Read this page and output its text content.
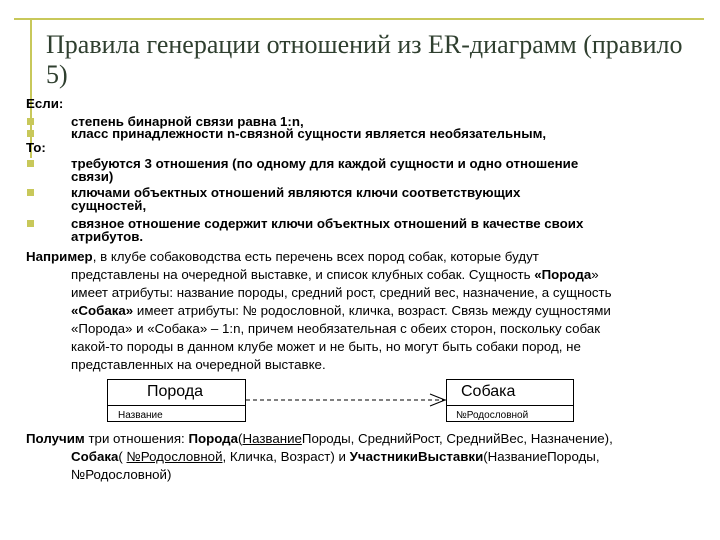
Правила генерации отношений из ER-диаграмм (правило 5)
Если:
степень бинарной связи равна 1:n,
класс принадлежности n-связной сущности является необязательным,
То:
требуются 3 отношения (по одному для каждой сущности и одно отношение
связи)
ключами объектных отношений являются ключи соответствующих
сущностей,
связное отношение содержит ключи объектных отношений в качестве своих
атрибутов.
Например, в клубе собаководства есть перечень всех пород собак, которые будут
представлены на очередной выставке, и список клубных собак. Сущность «Порода»
имеет атрибуты: название породы, средний рост, средний вес, назначение, а сущность
«Собака» имеет атрибуты: № родословной, кличка, возраст. Связь между сущностями
«Порода» и «Собака» – 1:n, причем необязательная с обеих сторон, поскольку собак
какой-то породы в данном клубе может и не быть, но могут быть собаки пород, не
представленных на очередной выставке.
Порода
Название
Собака
№Родословной
Получим три отношения: Порода(НазваниеПороды, СреднийРост, СреднийВес, Назначение),
Собака( №Родословной, Кличка, Возраст) и УчастникиВыставки(НазваниеПороды,
№Родословной)
